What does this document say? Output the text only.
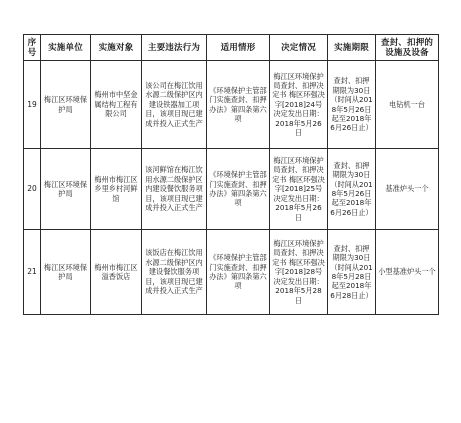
序号	实施单位	实施对象	主要违法行为	适用情形	决定情况	实施期限	查封、扣押的设施及设备
19	梅江区环境保护局	梅州市中坚金属结构工程有限公司	该公司在梅江饮用水源二级保护区内建设铁器加工项目，该项目现已建成并投入正式生产	《环境保护主管部门实施查封、扣押办法》第四条第六项	梅江区环境保护局查封、扣押决定书 梅区环强决字[2018]24号 决定发出日期：2018年5月26日	查封、扣押期限为30日（时间从2018年5月26日起至2018年6月26日止）	电钻机一台
20	梅江区环境保护局	梅州市梅江区乡里乡村河鲜馆	该河鲜馆在梅江饮用水源二级保护区内建设餐饮服务项目，该项目现已建成并投入正式生产	《环境保护主管部门实施查封、扣押办法》第四条第六项	梅江区环境保护局查封、扣押决定书 梅区环强决字[2018]25号 决定发出日期：2018年5月26日	查封、扣押期限为30日（时间从2018年5月26日起至2018年6月26日止）	基准炉头一个
21	梅江区环境保护局	梅州市梅江区溢香饭店	该饭店在梅江饮用水源二级保护区内建设餐饮服务项目，该项目现已建成并投入正式生产	《环境保护主管部门实施查封、扣押办法》第四条第六项	梅江区环境保护局查封、扣押决定书 梅区环强决字[2018]28号 决定发出日期：2018年5月28日	查封、扣押期限为30日（时间从2018年5月28日起至2018年6月28日止）	小型基准炉头一个
